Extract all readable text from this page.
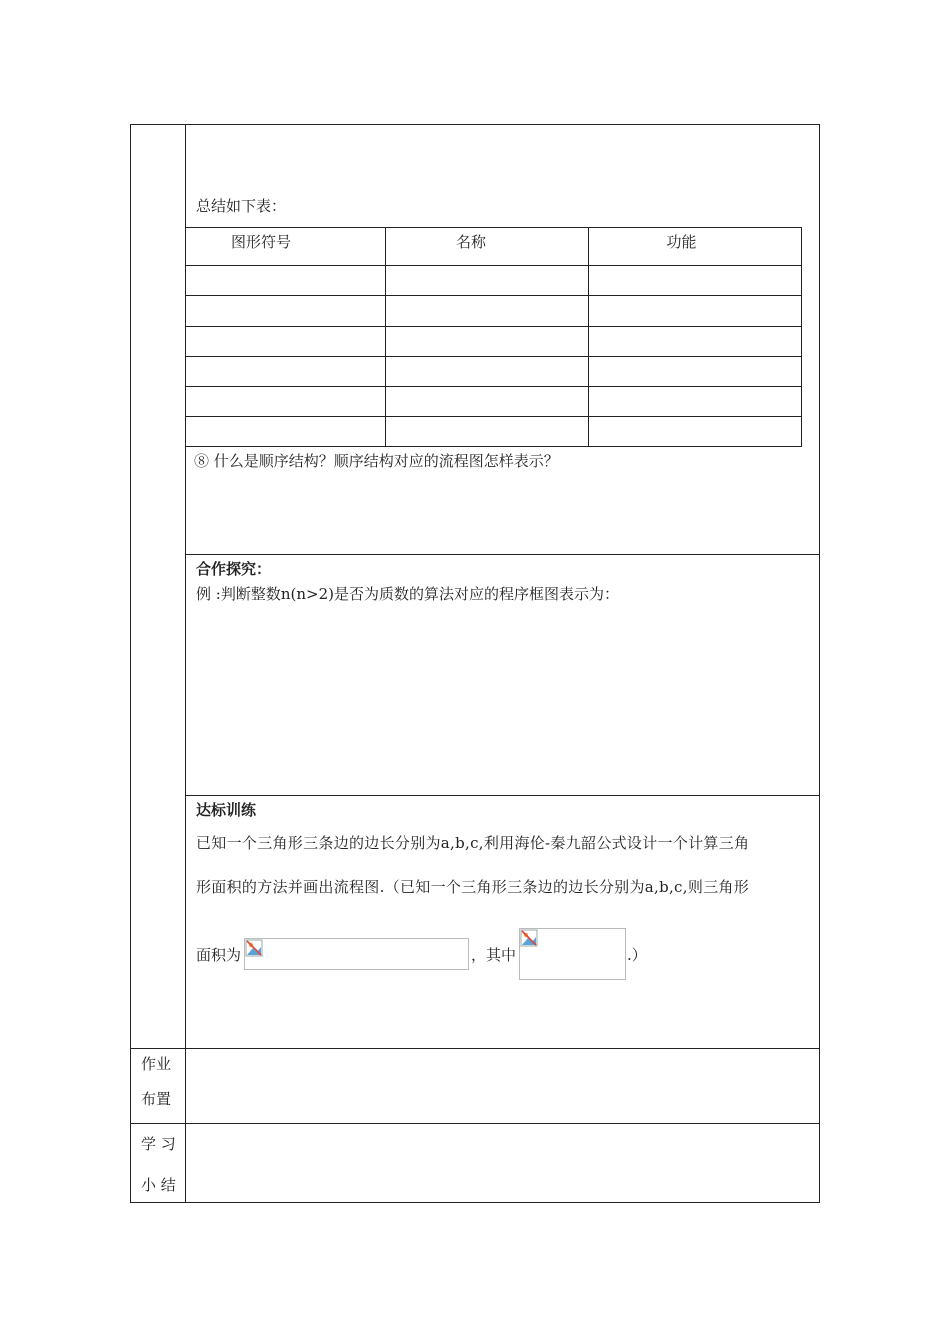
总结如下表：
图形符号	名称	功能
⑧ 什么是顺序结构？顺序结构对应的流程图怎样表示？
合作探究：
例 :判断整数n(n>2)是否为质数的算法对应的程序框图表示为：
达标训练
已知一个三角形三条边的边长分别为a,b,c,利用海伦-秦九韶公式设计一个计算三角
形面积的方法并画出流程图.（已知一个三角形三条边的边长分别为a,b,c,则三角形
面积为	，其中	.）
作业
布置
学 习
小 结
